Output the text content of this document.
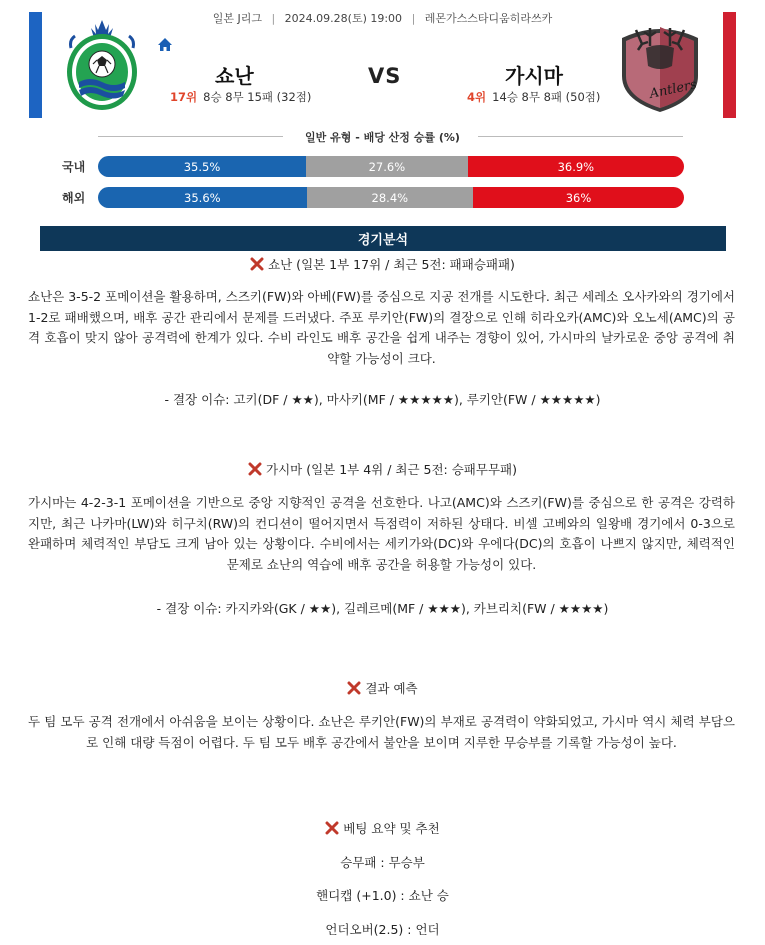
일본 J리그 | 2024.09.28(토) 19:00 | 레몬가스스타디움히라쓰카
쇼난
17위 8승 8무 15패 (32점)
VS	가시마
4위 14승 8무 8패 (50점)	Antlers
일반 유형 - 배당 산정 승률 (%)
국내	35.5%	27.6%	36.9%
해외	35.6%	28.4%	36%
경기분석
쇼난 (일본 1부 17위 / 최근 5전: 패패승패패)
쇼난은 3-5-2 포메이션을 활용하며, 스즈키(FW)와 아베(FW)를 중심으로 지공 전개를 시도한다. 최근 세레소 오사카와의 경기에서 1-2로 패배했으며, 배후 공간 관리에서 문제를 드러냈다. 주포 루키안(FW)의 결장으로 인해 히라오카(AMC)와 오노세(AMC)의 공격 호흡이 맞지 않아 공격력에 한계가 있다. 수비 라인도 배후 공간을 쉽게 내주는 경향이 있어, 가시마의 날카로운 중앙 공격에 취약할 가능성이 크다.
- 결장 이슈: 고키(DF / ★★), 마사키(MF / ★★★★★), 루키안(FW / ★★★★★)
가시마 (일본 1부 4위 / 최근 5전: 승패무무패)
가시마는 4-2-3-1 포메이션을 기반으로 중앙 지향적인 공격을 선호한다. 나고(AMC)와 스즈키(FW)를 중심으로 한 공격은 강력하지만, 최근 나카마(LW)와 히구치(RW)의 컨디션이 떨어지면서 득점력이 저하된 상태다. 비셀 고베와의 일왕배 경기에서 0-3으로 완패하며 체력적인 부담도 크게 남아 있는 상황이다. 수비에서는 세키가와(DC)와 우에다(DC)의 호흡이 나쁘지 않지만, 체력적인 문제로 쇼난의 역습에 배후 공간을 허용할 가능성이 있다.
- 결장 이슈: 카지카와(GK / ★★), 길레르메(MF / ★★★), 카브리치(FW / ★★★★)
결과 예측
두 팀 모두 공격 전개에서 아쉬움을 보이는 상황이다. 쇼난은 루키안(FW)의 부재로 공격력이 약화되었고, 가시마 역시 체력 부담으로 인해 대량 득점이 어렵다. 두 팀 모두 배후 공간에서 불안을 보이며 지루한 무승부를 기록할 가능성이 높다.
베팅 요약 및 추천
승무패 : 무승부
핸디캡 (+1.0) : 쇼난 승
언더오버(2.5) : 언더
